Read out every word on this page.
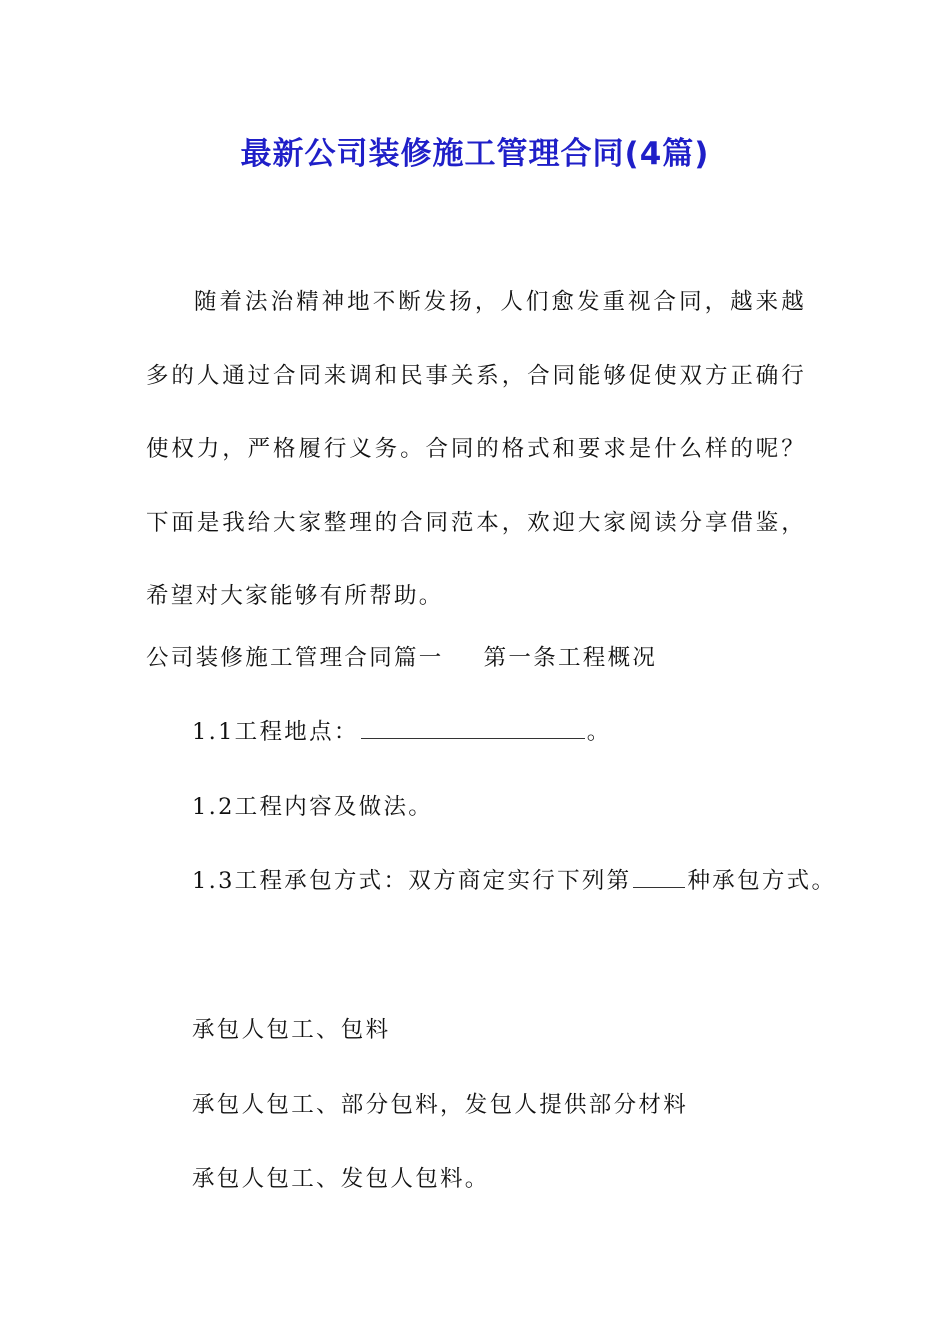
最新公司装修施工管理合同(4篇)

随着法治精神地不断发扬，人们愈发重视合同，越来越多的人通过合同来调和民事关系，合同能够促使双方正确行使权力，严格履行义务。合同的格式和要求是什么样的呢？下面是我给大家整理的合同范本，欢迎大家阅读分享借鉴，希望对大家能够有所帮助。

公司装修施工管理合同篇一 第一条工程概况

1.1工程地点：	。

1.2工程内容及做法。

1.3工程承包方式：双方商定实行下列第 种承包方式。

承包人包工、包料

承包人包工、部分包料，发包人提供部分材料

承包人包工、发包人包料。
